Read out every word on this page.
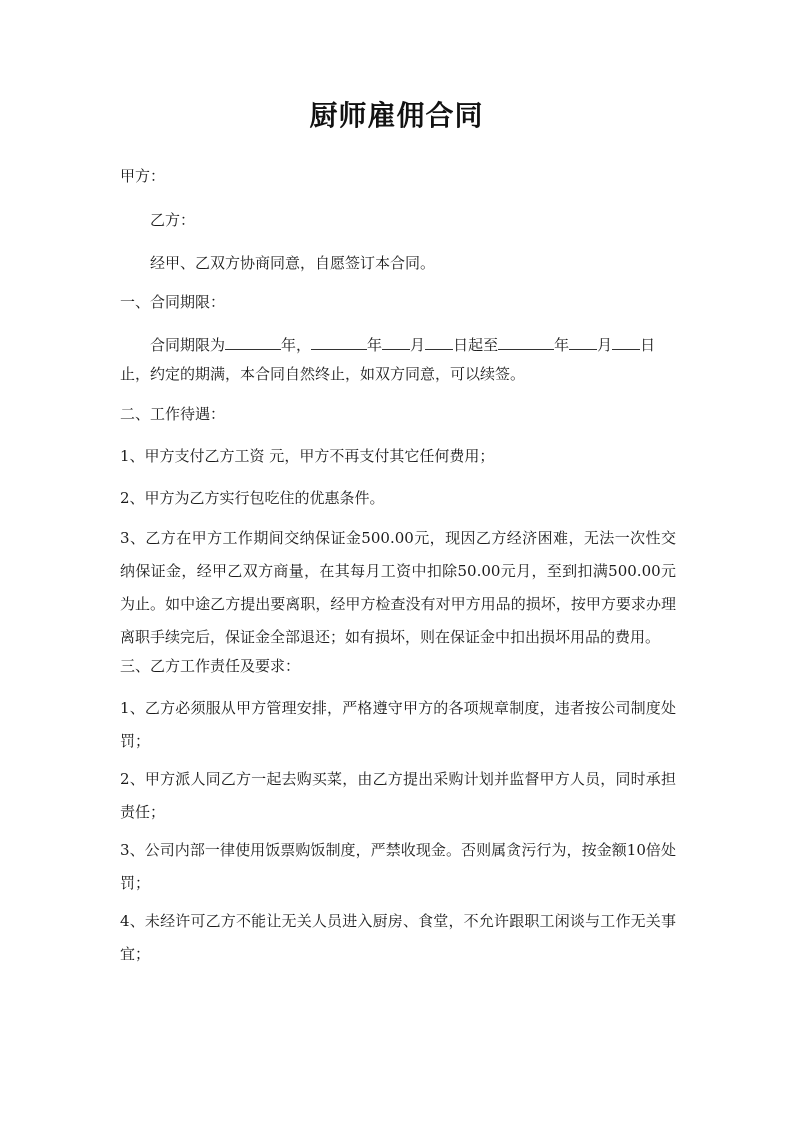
厨师雇佣合同
甲方：
乙方：
经甲、乙双方协商同意，自愿签订本合同。
一、合同期限：
合同期限为	年，	年 月 日起至	年 月 日
止，约定的期满，本合同自然终止，如双方同意，可以续签。
二、工作待遇：
1、甲方支付乙方工资 元，甲方不再支付其它任何费用；
2、甲方为乙方实行包吃住的优惠条件。
3、乙方在甲方工作期间交纳保证金500.00元，现因乙方经济困难，无法一次性交纳保证金，经甲乙双方商量，在其每月工资中扣除50.00元月，至到扣满500.00元为止。如中途乙方提出要离职，经甲方检查没有对甲方用品的损坏，按甲方要求办理离职手续完后，保证金全部退还；如有损坏，则在保证金中扣出损坏用品的费用。
三、乙方工作责任及要求：
1、乙方必须服从甲方管理安排，严格遵守甲方的各项规章制度，违者按公司制度处罚；
2、甲方派人同乙方一起去购买菜，由乙方提出采购计划并监督甲方人员，同时承担责任；
3、公司内部一律使用饭票购饭制度，严禁收现金。否则属贪污行为，按金额10倍处罚；
4、未经许可乙方不能让无关人员进入厨房、食堂，不允许跟职工闲谈与工作无关事宜；
